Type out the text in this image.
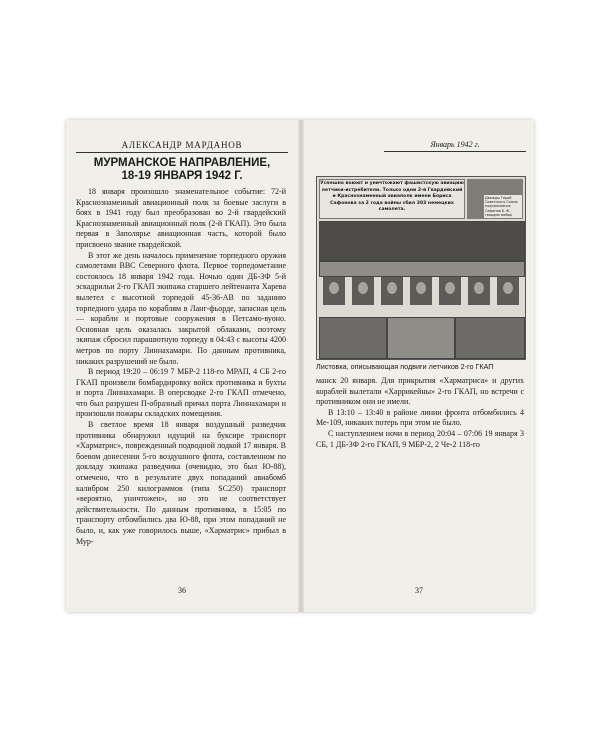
АЛЕКСАНДР МАРДАНОВ
МУРМАНСКОЕ НАПРАВЛЕНИЕ,
18-19 ЯНВАРЯ 1942 Г.

18 января произошло знаменательное событие: 72-й Краснознаменный авиационный полк за боевые заслуги в боях в 1941 году был преобразован во 2-й гвардейский Краснознаменный авиационный полк (2-й ГКАП). Это была первая в Заполярье авиационная часть, которой было присвоено звание гвардейской.

В этот же день началось применение торпедного оружия самолетами ВВС Северного флота. Первое торпедометание состоялось 18 января 1942 года. Ночью один ДБ-3Ф 5-й эскадрильи 2-го ГКАП экипажа старшего лейтенанта Харева вылетел с высотной торпедой 45-36-АВ по заданию торпедного удара по кораблям в Ланг-фьорде, запасная цель — корабли и портовые сооружения в Петсамо-вуоно. Основная цель оказалась закрытой облаками, поэтому экипаж сбросил парашютную торпеду в 04:43 с высоты 4200 метров по порту Линнахамари. По данным противника, никаких разрушений не было.

В период 19:20 – 06:19 7 МБР-2 118-го МРАП, 4 СБ 2-го ГКАП произвели бомбардировку войск противника и бухты и порта Линнахамари. В оперсводке 2-го ГКАП отмечено, что был разрушен П-образный причал порта Линнахамари и произошли пожары складских помещения.

В светлое время 18 января воздушный разведчик противника обнаружил идущий на буксире транспорт «Харматрис», поврежденный подводной лодкой 17 января. В боевом донесении 5-го воздушного флота, составленном по докладу экипажа разведчика (очевидно, это был Ю-88), отмечено, что в результате двух попаданий авиабомб калибром 250 килограммов (типа SC250) транспорт «вероятно, уничтожен», но это не соответствует действительности. По данным противника, в 15:05 по транспорту отбомбились два Ю-88, при этом попаданий не было, и, как уже говорилось выше, «Харматрис» прибыл в Мур-

36
Январь 1942 г.
Успешно воюют и уничтожают фашистскую авиацию летчики-истребители. Только одни 2-й Гвардейский и Краснознаменный авиаполк имени Бориса Сафонова за 2 года войны сбил 303 немецких самолета.
Дважды Герой Советского Союза подполковник Сафонов Б. Ф., гвардии майор
Листовка, описывающая подвиги летчиков 2-го ГКАП

манск 20 января. Для прикрытия «Харматриса» и других кораблей вылетали «Харрикейны» 2-го ГКАП, но встречи с противником они не имели.

В 13:10 – 13:40 в районе линии фронта отбомбились 4 Ме-109, никаких потерь при этом не было.

С наступлением ночи в период 20:04 – 07:06 19 января 3 СБ, 1 ДБ-3Ф 2-го ГКАП, 9 МБР-2, 2 Че-2 118-го

37
